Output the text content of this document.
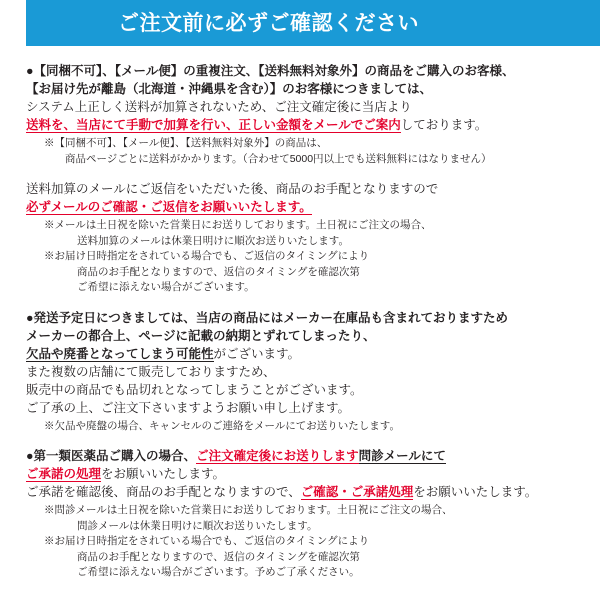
ご注文前に必ずご確認ください
●【同梱不可】、【メール便】の重複注文、【送料無料対象外】の商品をご購入のお客様、
【お届け先が離島（北海道・沖縄県を含む）】のお客様につきましては、
システム上正しく送料が加算されないため、ご注文確定後に当店より
送料を、当店にて手動で加算を行い、正しい金額をメールでご案内しております。
※【同梱不可】、【メール便】、【送料無料対象外】の商品は、
　　商品ページごとに送料がかかります。（合わせて5000円以上でも送料無料にはなりません）
送料加算のメールにご返信をいただいた後、商品のお手配となりますので
必ずメールのご確認・ご返信をお願いいたします。
※メールは土日祝を除いた営業日にお送りしております。土日祝にご注文の場合、
　　送料加算のメールは休業日明けに順次お送りいたします。
※お届け日時指定をされている場合でも、ご返信のタイミングにより
　　商品のお手配となりますので、返信のタイミングを確認次第
　　ご希望に添えない場合がございます。
●発送予定日につきましては、当店の商品にはメーカー在庫品も含まれておりますため
メーカーの都合上、ページに記載の納期とずれてしまったり、
欠品や廃番となってしまう可能性がございます。
また複数の店舗にて販売しておりますため、
販売中の商品でも品切れとなってしまうことがございます。
ご了承の上、ご注文下さいますようお願い申し上げます。
※欠品や廃盤の場合、キャンセルのご連絡をメールにてお送りいたします。
●第一類医薬品ご購入の場合、ご注文確定後にお送りします問診メールにて
ご承諾の処理をお願いいたします。
ご承諾を確認後、商品のお手配となりますので、ご確認・ご承諾処理をお願いいたします。
※問診メールは土日祝を除いた営業日にお送りしております。土日祝にご注文の場合、
　　問診メールは休業日明けに順次お送りいたします。
※お届け日時指定をされている場合でも、ご返信のタイミングにより
　　商品のお手配となりますので、返信のタイミングを確認次第
　　ご希望に添えない場合がございます。予めご了承ください。
